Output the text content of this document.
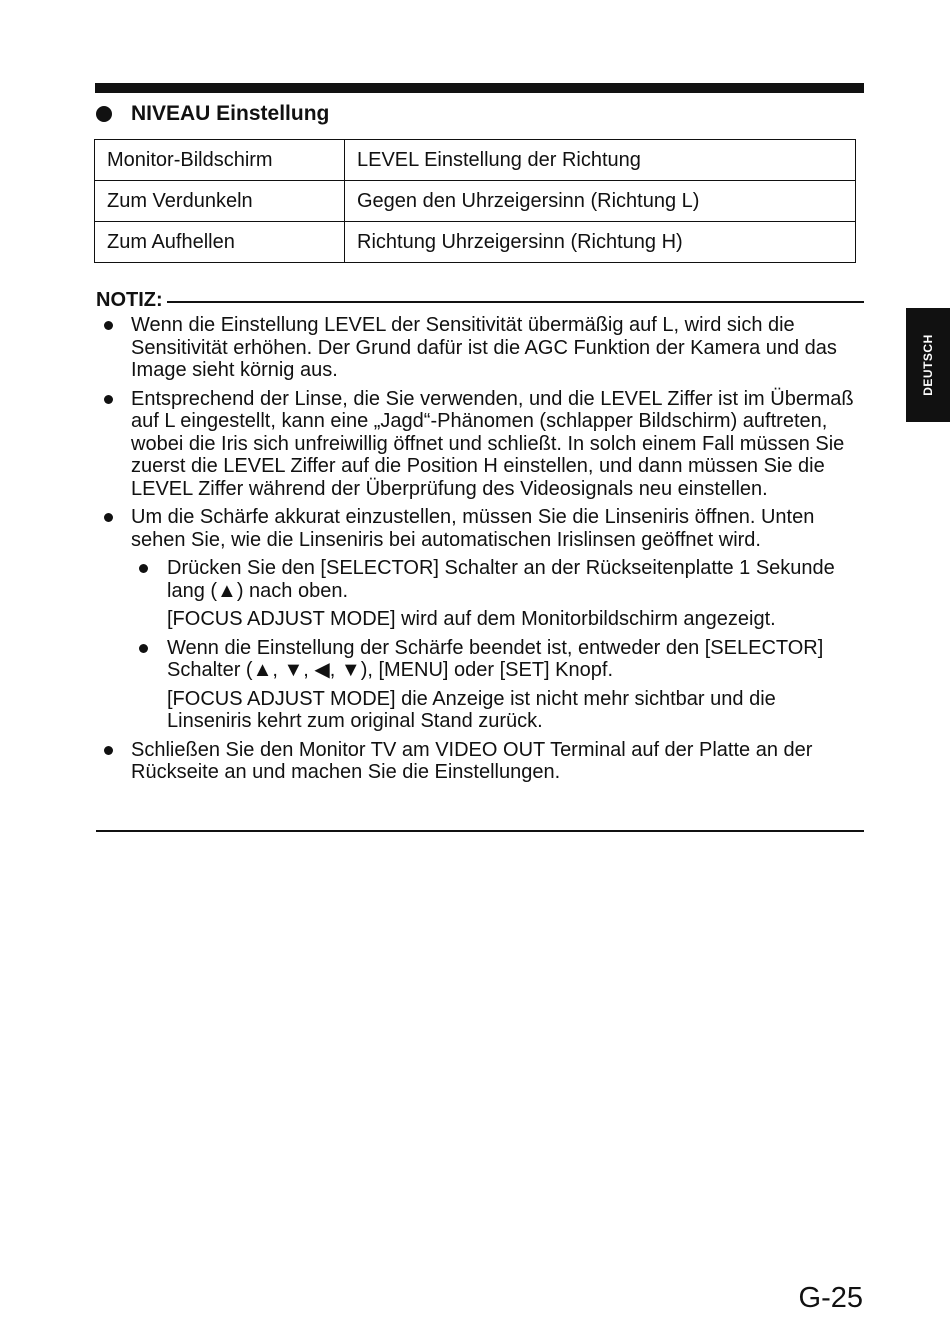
NIVEAU Einstellung
Monitor-Bildschirm	LEVEL Einstellung der Richtung
Zum Verdunkeln	Gegen den Uhrzeigersinn (Richtung L)
Zum Aufhellen	Richtung Uhrzeigersinn (Richtung H)
NOTIZ:
Wenn die Einstellung LEVEL der Sensitivität übermäßig auf L, wird sich die Sensitivität erhöhen. Der Grund dafür ist die AGC Funktion der Kamera und das Image sieht körnig aus.
Entsprechend der Linse, die Sie verwenden, und die LEVEL Ziffer ist im Übermaß auf L eingestellt, kann eine „Jagd“-Phänomen (schlapper Bildschirm) auftreten, wobei die Iris sich unfreiwillig öffnet und schließt. In solch einem Fall müssen Sie zuerst die LEVEL Ziffer auf die Position H einstellen, und dann müssen Sie die LEVEL Ziffer während der Überprüfung des Videosignals neu einstellen.
Um die Schärfe akkurat einzustellen, müssen Sie die Linseniris öffnen. Unten sehen Sie, wie die Linseniris bei automatischen Irislinsen geöffnet wird.
Drücken Sie den [SELECTOR] Schalter an der Rückseitenplatte 1 Sekunde lang (▲) nach oben.
[FOCUS ADJUST MODE] wird auf dem Monitorbildschirm angezeigt.
Wenn die Einstellung der Schärfe beendet ist, entweder den [SELECTOR] Schalter (▲, ▼, ◀, ▼), [MENU] oder [SET] Knopf.
[FOCUS ADJUST MODE] die Anzeige ist nicht mehr sichtbar und die Linseniris kehrt zum original Stand zurück.
Schließen Sie den Monitor TV am VIDEO OUT Terminal auf der Platte an der Rückseite an und machen Sie die Einstellungen.
DEUTSCH
G-25
